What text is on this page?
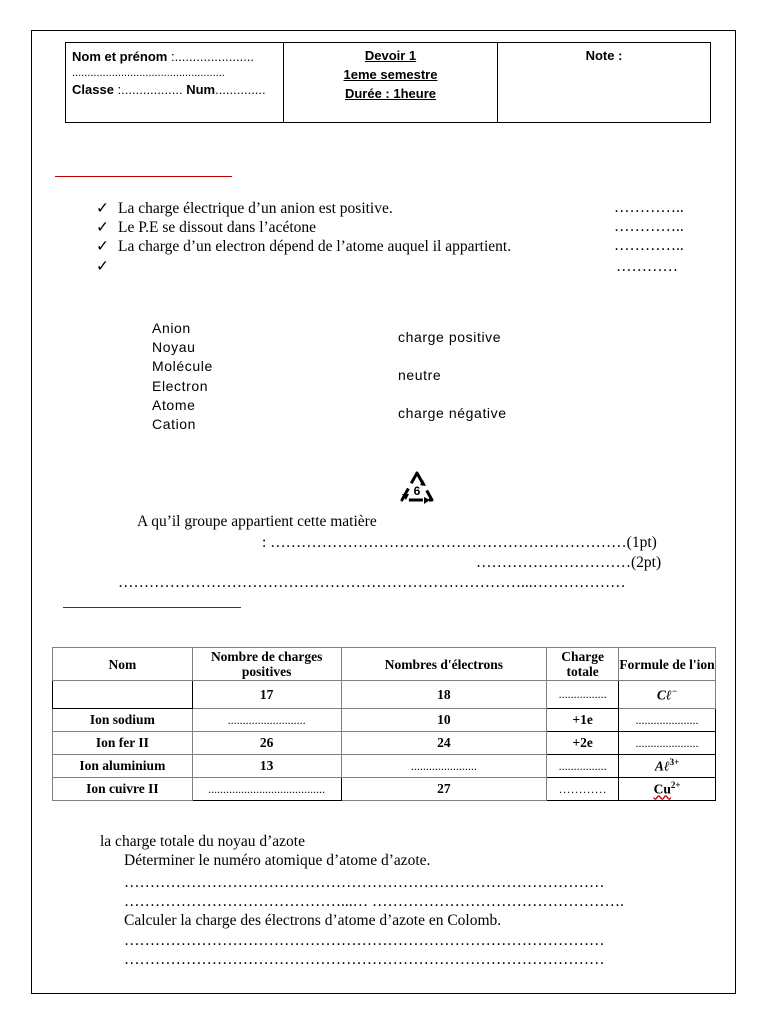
Nom et prénom :......................
..................................................
Classe :................. Num..............
Devoir 1
1eme semestre
Durée : 1heure
Note :
✓ La charge électrique d’un anion est positive.	…………..
✓ Le P.E se dissout dans l’acétone	…………..
✓ La charge d’un electron dépend de l’atome auquel il appartient.	…………..
✓	…………
Anion
Noyau
Molécule
Electron
Atome
Cation
charge positive
neutre
charge négative
6
A qu’il groupe appartient cette matière
: ……………………………………………………………(1pt)
…………………………(2pt)
……………………………………………………………………...………………
Nom	Nombre de charges positives	Nombres d'électrons	Charge totale	Formule de l'ion
	17	18	................	Cℓ−
Ion sodium	..........................	10	+1e	.....................
Ion fer II	26	24	+2e	.....................
Ion aluminium	13	......................	................	Aℓ$^{3+}$
Ion cuivre II	.......................................	27	…………	$Cu^{2+}$
la charge totale du noyau d’azote
Déterminer le numéro atomique d’atome d’azote.
…………………………………………………………………………………
……………………………………...… ………………………………………….
Calculer la charge des électrons d’atome d’azote en Colomb.
…………………………………………………………………………………
…………………………………………………………………………………
